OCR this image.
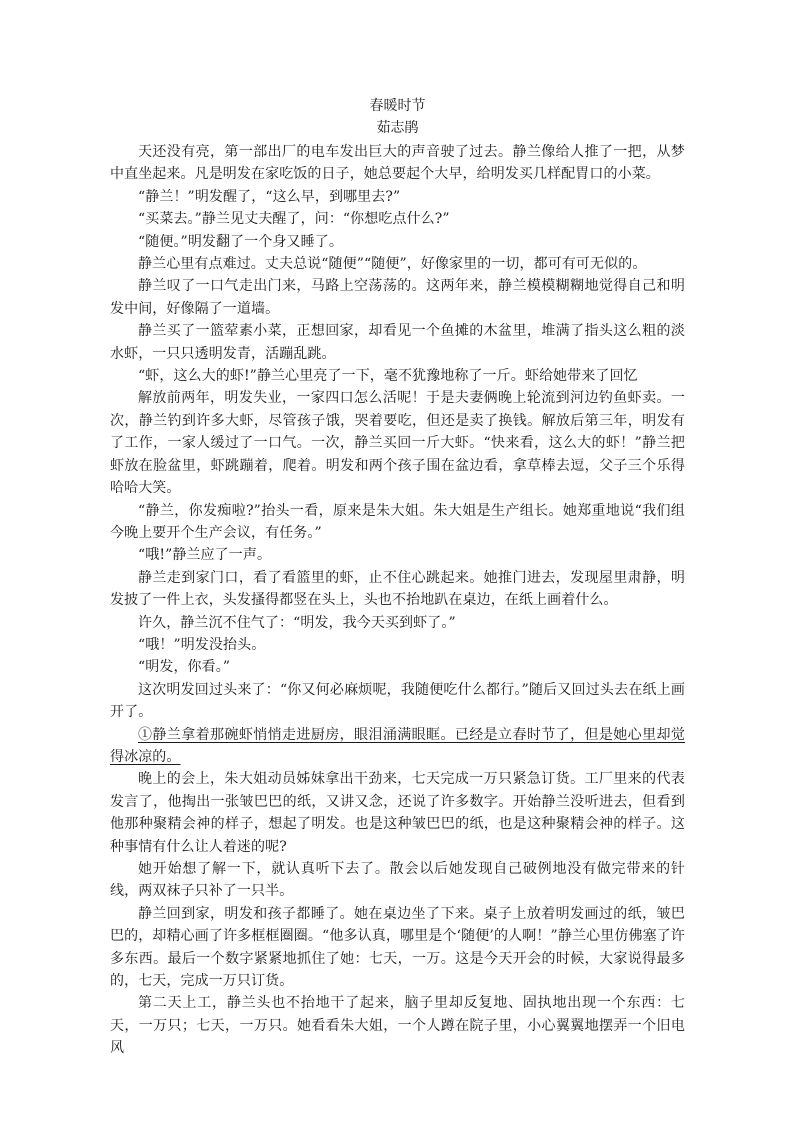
春暖时节

茹志鹃

天还没有亮，第一部出厂的电车发出巨大的声音驶了过去。静兰像给人推了一把，从梦中直坐起来。凡是明发在家吃饭的日子，她总要起个大早，给明发买几样配胃口的小菜。

“静兰！”明发醒了，“这么早，到哪里去?”

“买菜去。”静兰见丈夫醒了，问：“你想吃点什么?”

“随便。”明发翻了一个身又睡了。

静兰心里有点难过。丈夫总说“随便”“随便”，好像家里的一切，都可有可无似的。

静兰叹了一口气走出门来，马路上空荡荡的。这两年来，静兰模模糊糊地觉得自己和明发中间，好像隔了一道墙。

静兰买了一篮荤素小菜，正想回家，却看见一个鱼摊的木盆里，堆满了指头这么粗的淡水虾，一只只透明发青，活蹦乱跳。

“虾，这么大的虾!”静兰心里亮了一下，毫不犹豫地称了一斤。虾给她带来了回忆

解放前两年，明发失业，一家四口怎么活呢！于是夫妻俩晚上轮流到河边钓鱼虾卖。一次，静兰钓到许多大虾，尽管孩子饿，哭着要吃，但还是卖了换钱。解放后第三年，明发有了工作，一家人缓过了一口气。一次，静兰买回一斤大虾。“快来看，这么大的虾！”静兰把虾放在脸盆里，虾跳蹦着，爬着。明发和两个孩子围在盆边看，拿草棒去逗，父子三个乐得哈哈大笑。

“静兰，你发痴啦?”抬头一看，原来是朱大姐。朱大姐是生产组长。她郑重地说“我们组今晚上要开个生产会议，有任务。”

“哦!”静兰应了一声。

静兰走到家门口，看了看篮里的虾，止不住心跳起来。她推门进去，发现屋里肃静，明发披了一件上衣，头发搔得都竖在头上，头也不抬地趴在桌边，在纸上画着什么。

许久，静兰沉不住气了：“明发，我今天买到虾了。”

“哦！”明发没抬头。

“明发，你看。”

这次明发回过头来了：“你又何必麻烦呢，我随便吃什么都行。”随后又回过头去在纸上画开了。

①静兰拿着那碗虾悄悄走进厨房，眼泪涌满眼眶。已经是立春时节了，但是她心里却觉得冰凉的。

晚上的会上，朱大姐动员姊妹拿出干劲来，七天完成一万只紧急订货。工厂里来的代表发言了，他掏出一张皱巴巴的纸，又讲又念，还说了许多数字。开始静兰没听进去，但看到他那种聚精会神的样子，想起了明发。也是这种皱巴巴的纸，也是这种聚精会神的样子。这种事情有什么让人着迷的呢?

她开始想了解一下，就认真听下去了。散会以后她发现自己破例地没有做完带来的针线，两双袜子只补了一只半。

静兰回到家，明发和孩子都睡了。她在桌边坐了下来。桌子上放着明发画过的纸，皱巴巴的，却精心画了许多框框圈圈。“他多认真，哪里是个‘随便’的人啊！”静兰心里仿佛塞了许多东西。最后一个数字紧紧地抓住了她：七天，一万。这是今天开会的时候，大家说得最多的，七天，完成一万只订货。

第二天上工，静兰头也不抬地干了起来，脑子里却反复地、固执地出现一个东西：七天，一万只；七天，一万只。她看看朱大姐，一个人蹲在院子里，小心翼翼地摆弄一个旧电风
